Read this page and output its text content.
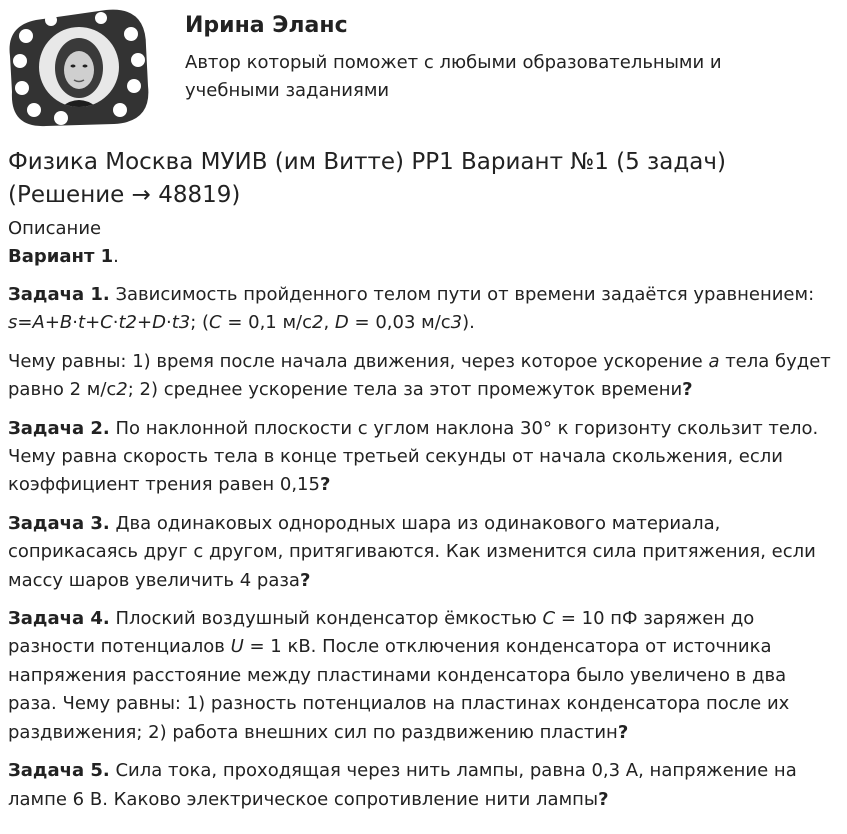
Ирина Эланс
Автор который поможет с любыми образовательными и учебными заданиями
Физика Москва МУИВ (им Витте) РР1 Вариант №1 (5 задач) (Решение → 48819)
Описание
Вариант 1.

Задача 1. Зависимость пройденного телом пути от времени задаётся уравнением: s=A+B·t+C·t2+D·t3; (C = 0,1 м/с2, D = 0,03 м/с3).

Чему равны: 1) время после начала движения, через которое ускорение a тела будет равно 2 м/с2; 2) среднее ускорение тела за этот промежуток времени?

Задача 2. По наклонной плоскости с углом наклона 30° к горизонту скользит тело. Чему равна скорость тела в конце третьей секунды от начала скольжения, если коэффициент трения равен 0,15?

Задача 3. Два одинаковых однородных шара из одинакового материала, соприкасаясь друг с другом, притягиваются. Как изменится сила притяжения, если массу шаров увеличить 4 раза?

Задача 4. Плоский воздушный конденсатор ёмкостью C = 10 пФ заряжен до разности потенциалов U = 1 кВ. После отключения конденсатора от источника напряжения расстояние между пластинами конденсатора было увеличено в два раза. Чему равны: 1) разность потенциалов на пластинах конденсатора после их раздвижения; 2) работа внешних сил по раздвижению пластин?

Задача 5. Сила тока, проходящая через нить лампы, равна 0,3 А, напряжение на лампе 6 В. Каково электрическое сопротивление нити лампы?
